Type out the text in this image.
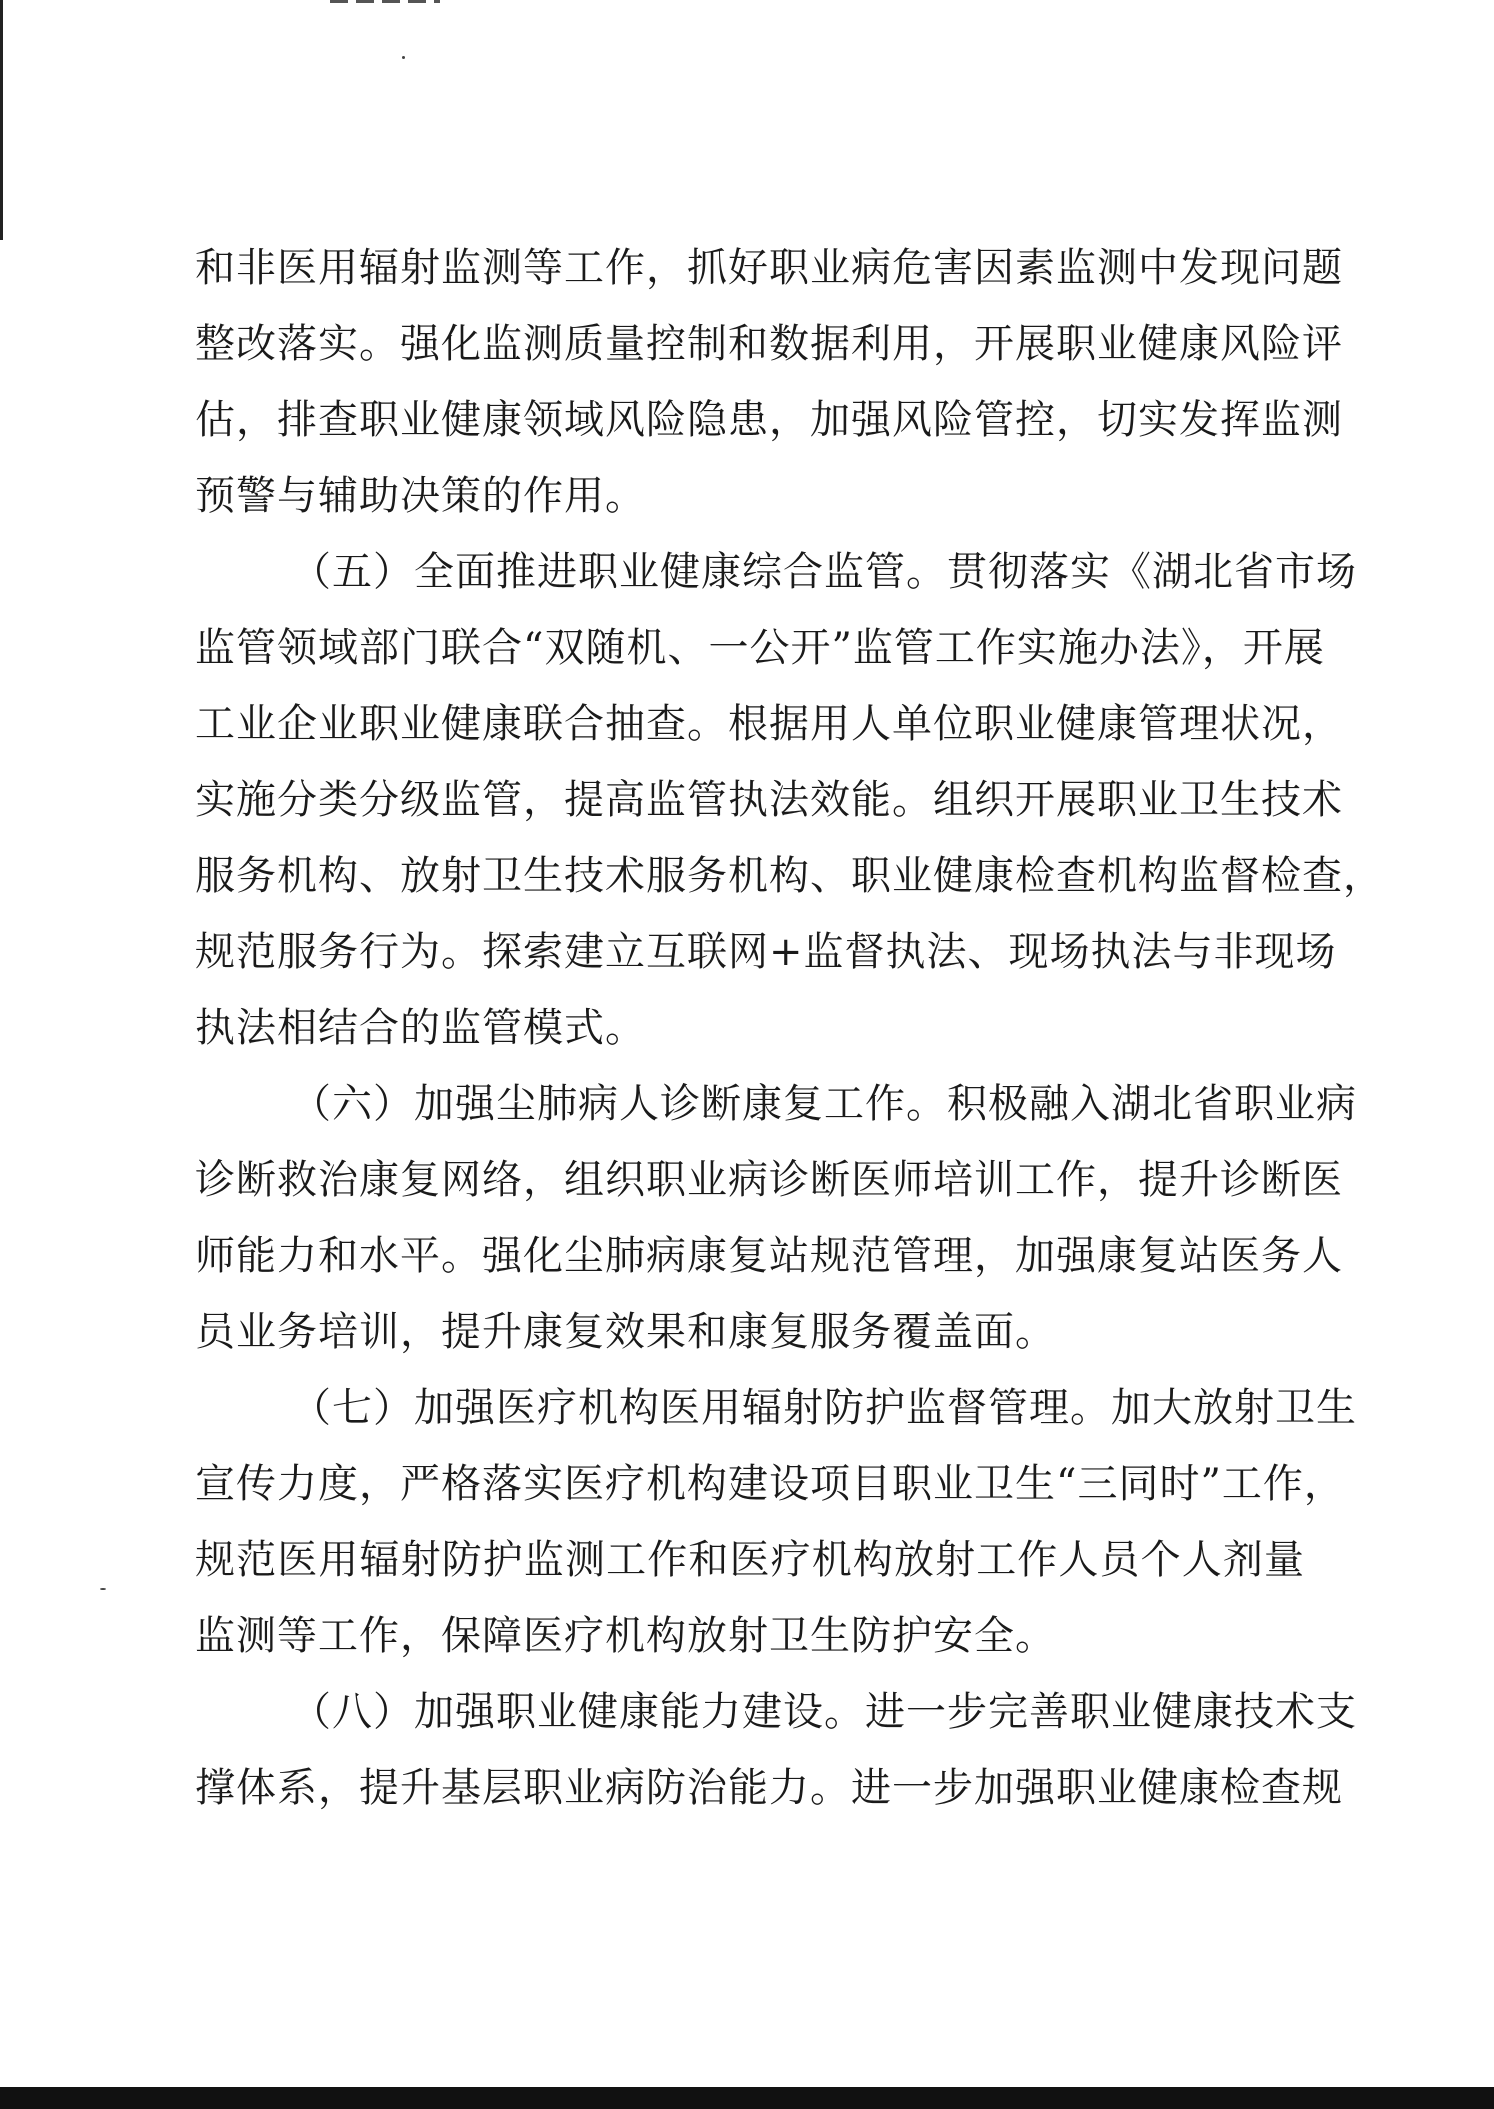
和非医用辐射监测等工作，抓好职业病危害因素监测中发现问题
整改落实。强化监测质量控制和数据利用，开展职业健康风险评
估，排查职业健康领域风险隐患，加强风险管控，切实发挥监测
预警与辅助决策的作用。
（五）全面推进职业健康综合监管。贯彻落实《湖北省市场
监管领域部门联合“双随机、一公开”监管工作实施办法》，开展
工业企业职业健康联合抽查。根据用人单位职业健康管理状况，
实施分类分级监管，提高监管执法效能。组织开展职业卫生技术
服务机构、放射卫生技术服务机构、职业健康检查机构监督检查，
规范服务行为。探索建立互联网+监督执法、现场执法与非现场
执法相结合的监管模式。
（六）加强尘肺病人诊断康复工作。积极融入湖北省职业病
诊断救治康复网络，组织职业病诊断医师培训工作，提升诊断医
师能力和水平。强化尘肺病康复站规范管理，加强康复站医务人
员业务培训，提升康复效果和康复服务覆盖面。
（七）加强医疗机构医用辐射防护监督管理。加大放射卫生
宣传力度，严格落实医疗机构建设项目职业卫生“三同时”工作，
规范医用辐射防护监测工作和医疗机构放射工作人员个人剂量
监测等工作，保障医疗机构放射卫生防护安全。
（八）加强职业健康能力建设。进一步完善职业健康技术支
撑体系，提升基层职业病防治能力。进一步加强职业健康检查规
